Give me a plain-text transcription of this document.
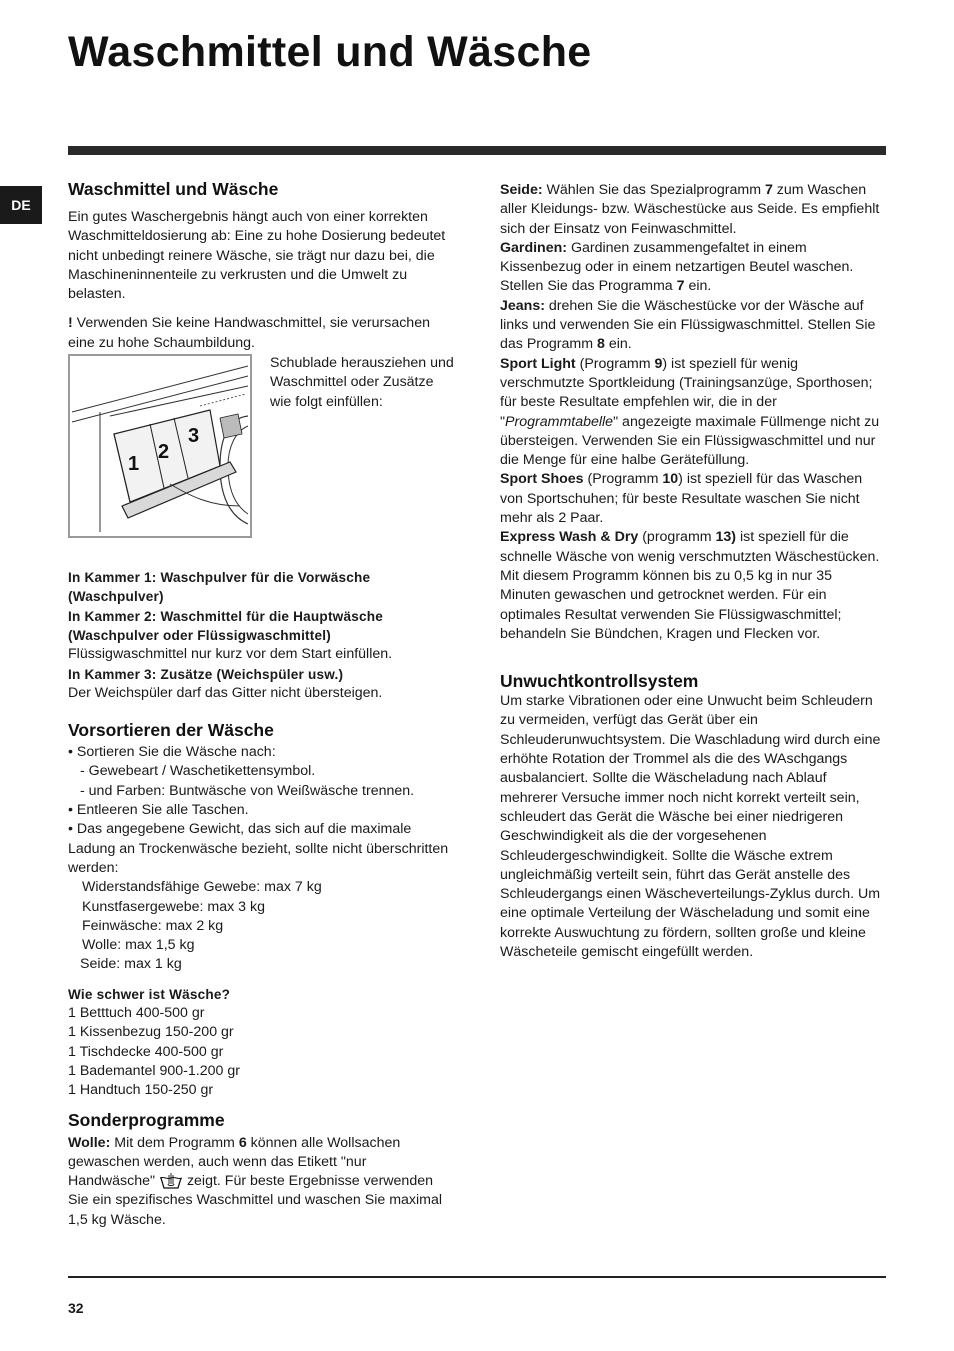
Waschmittel und Wäsche
DE
Waschmittel und Wäsche

Ein gutes Waschergebnis hängt auch von einer korrekten Waschmitteldosierung ab: Eine zu hohe Dosierung bedeutet nicht unbedingt reinere Wäsche, sie trägt nur dazu bei, die Maschineninnenteile zu verkrusten und die Umwelt zu belasten.

! Verwenden Sie keine Handwaschmittel, sie verursachen eine zu hohe Schaumbildung.

1
2
3

Schublade herausziehen und Waschmittel oder Zusätze wie folgt einfüllen:

In Kammer 1: Waschpulver für die Vorwäsche (Waschpulver)

In Kammer 2: Waschmittel für die Hauptwäsche (Waschpulver oder Flüssigwaschmittel)

Flüssigwaschmittel nur kurz vor dem Start einfüllen.

In Kammer 3: Zusätze (Weichspüler usw.)

Der Weichspüler darf das Gitter nicht übersteigen.

Vorsortieren der Wäsche
• Sortieren Sie die Wäsche nach:
- Gewebeart / Waschetikettensymbol.
- und Farben: Buntwäsche von Weißwäsche trennen.
• Entleeren Sie alle Taschen.
• Das angegebene Gewicht, das sich auf die maximale Ladung an Trockenwäsche bezieht, sollte nicht überschritten werden:
Widerstandsfähige Gewebe: max 7 kg
Kunstfasergewebe: max 3 kg
Feinwäsche: max 2 kg
Wolle: max 1,5 kg
Seide: max 1 kg

Wie schwer ist Wäsche?

1 Betttuch 400-500 gr
1 Kissenbezug 150-200 gr
1 Tischdecke 400-500 gr
1 Bademantel 900-1.200 gr
1 Handtuch 150-250 gr
Sonderprogramme

Wolle: Mit dem Programm 6 können alle Wollsachen gewaschen werden, auch wenn das Etikett "nur Handwäsche"  zeigt. Für beste Ergebnisse verwenden Sie ein spezifisches Waschmittel und waschen Sie maximal 1,5 kg Wäsche.

Seide: Wählen Sie das Spezialprogramm 7 zum Waschen aller Kleidungs- bzw. Wäschestücke aus Seide. Es empfiehlt sich der Einsatz von Feinwaschmittel.

Gardinen: Gardinen zusammengefaltet in einem Kissenbezug oder in einem netzartigen Beutel waschen. Stellen Sie das Programma 7 ein.

Jeans: drehen Sie die Wäschestücke vor der Wäsche auf links und verwenden Sie ein Flüssigwaschmittel. Stellen Sie das Programm 8 ein.

Sport Light (Programm 9) ist speziell für wenig verschmutzte Sportkleidung (Trainingsanzüge, Sporthosen; für beste Resultate empfehlen wir, die in der "Programmtabelle" angezeigte maximale Füllmenge nicht zu übersteigen. Verwenden Sie ein Flüssigwaschmittel und nur die Menge für eine halbe Gerätefüllung.

Sport Shoes (Programm 10) ist speziell für das Waschen von Sportschuhen; für beste Resultate waschen Sie nicht mehr als 2 Paar.

Express Wash & Dry (programm 13) ist speziell für die schnelle Wäsche von wenig verschmutzten Wäschestücken. Mit diesem Programm können bis zu 0,5 kg in nur 35 Minuten gewaschen und getrocknet werden. Für ein optimales Resultat verwenden Sie Flüssigwaschmittel; behandeln Sie Bündchen, Kragen und Flecken vor.

Unwuchtkontrollsystem

Um starke Vibrationen oder eine Unwucht beim Schleudern zu vermeiden, verfügt das Gerät über ein Schleuderunwuchtsystem. Die Waschladung wird durch eine erhöhte Rotation der Trommel als die des WAschgangs ausbalanciert. Sollte die Wäscheladung nach Ablauf mehrerer Versuche immer noch nicht korrekt verteilt sein, schleudert das Gerät die Wäsche bei einer niedrigeren Geschwindigkeit als die der vorgesehenen Schleudergeschwindigkeit. Sollte die Wäsche extrem ungleichmäßig verteilt sein, führt das Gerät anstelle des Schleudergangs einen Wäscheverteilungs-Zyklus durch. Um eine optimale Verteilung der Wäscheladung und somit eine korrekte Auswuchtung zu fördern, sollten große und kleine Wäscheteile gemischt eingefüllt werden.

32
